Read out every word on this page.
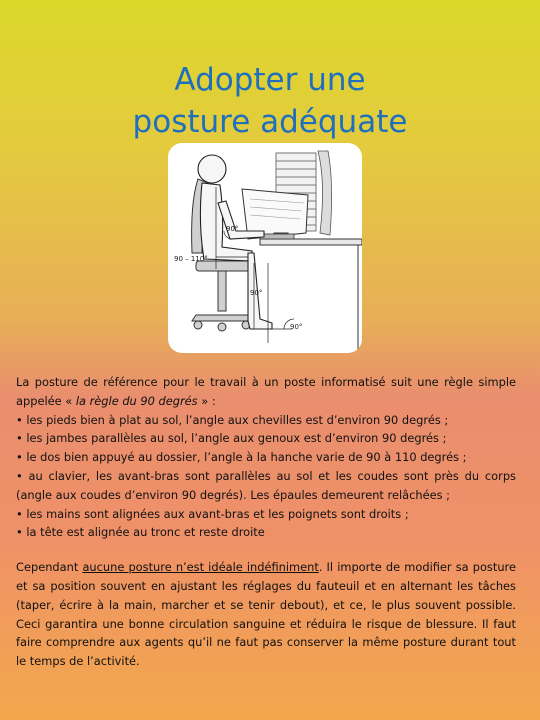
Adopter une
posture adéquate
90°
90 – 110°
90°
90°

La posture de référence pour le travail à un poste informatisé suit une règle simple appelée « la règle du 90 degrés » :

• les pieds bien à plat au sol, l’angle aux chevilles est d’environ 90 degrés ;
• les jambes parallèles au sol, l’angle aux genoux est d’environ 90 degrés ;
• le dos bien appuyé au dossier, l’angle à la hanche varie de 90 à 110 degrés ;
• au clavier, les avant-bras sont parallèles au sol et les coudes sont près du corps (angle aux coudes d’environ 90 degrés). Les épaules demeurent relâchées ;
• les mains sont alignées aux avant-bras et les poignets sont droits ;
• la tête est alignée au tronc et reste droite

Cependant aucune posture n’est idéale indéfiniment. Il importe de modifier sa posture et sa position souvent en ajustant les réglages du fauteuil et en alternant les tâches (taper, écrire à la main, marcher et se tenir debout), et ce, le plus souvent possible. Ceci garantira une bonne circulation sanguine et réduira le risque de blessure. Il faut faire comprendre aux agents qu’il ne faut pas conserver la même posture durant tout le temps de l’activité.
